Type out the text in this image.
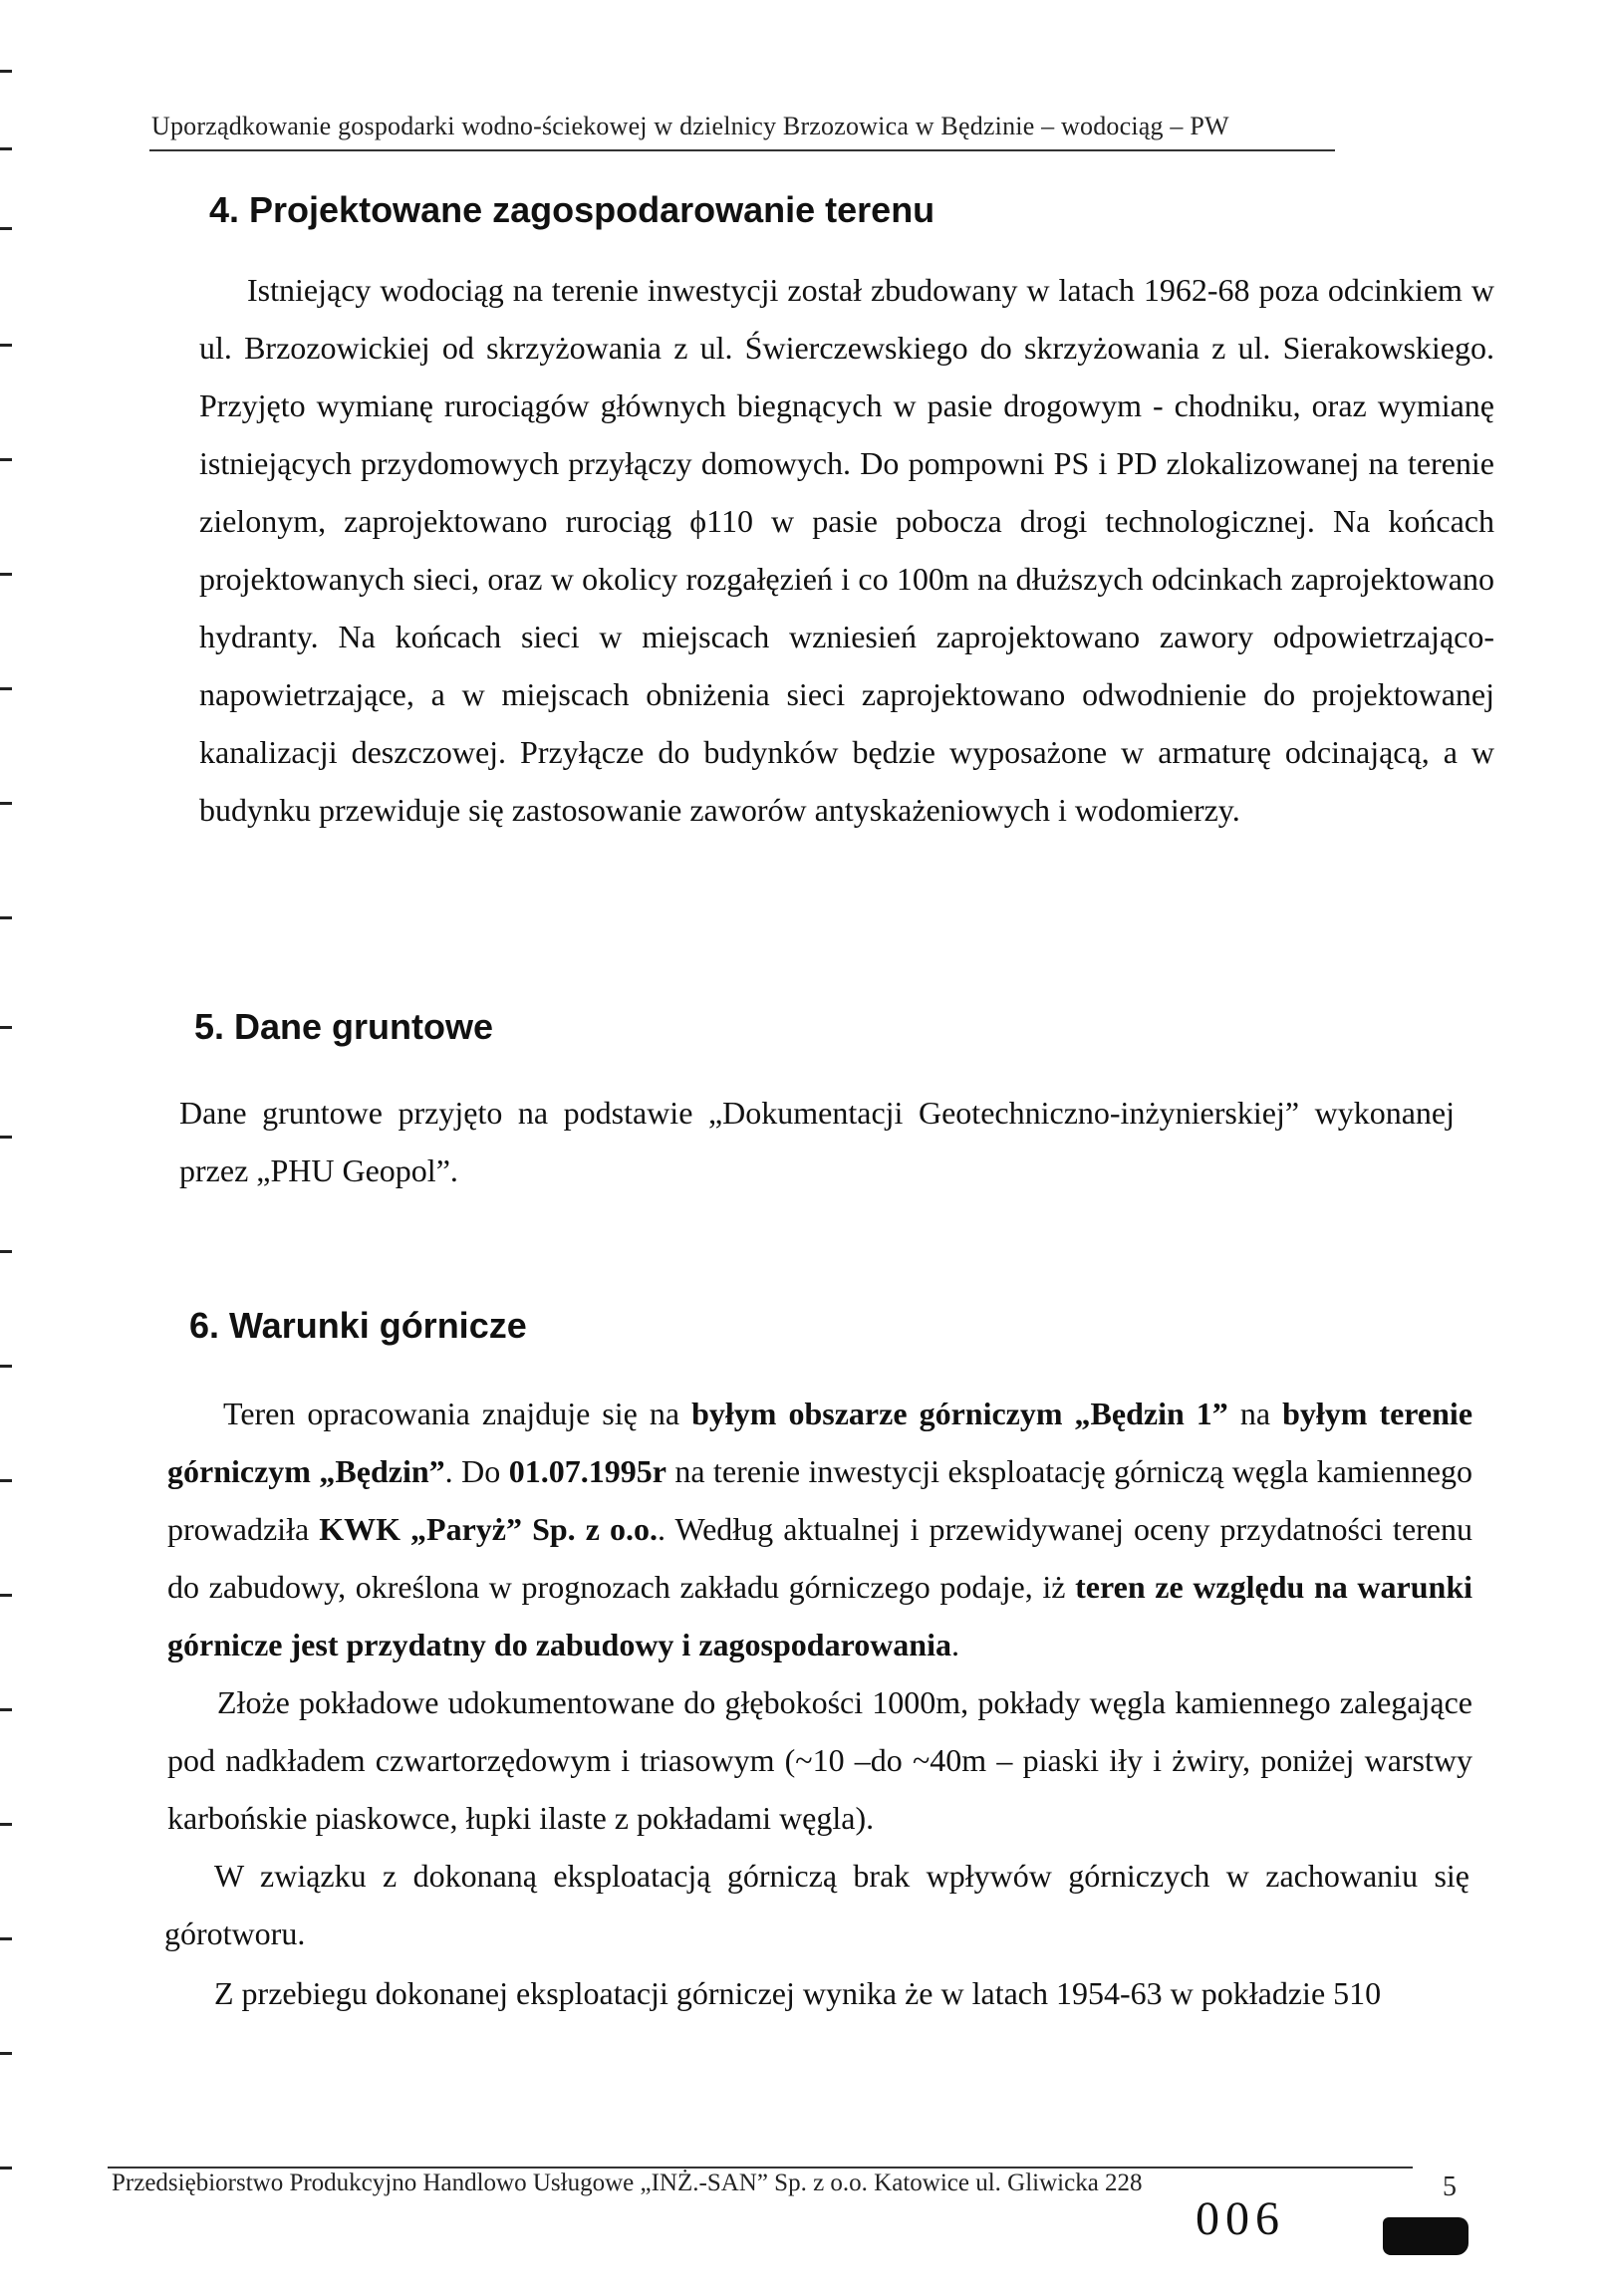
Uporządkowanie gospodarki wodno-ściekowej w dzielnicy Brzozowica w Będzinie – wodociąg – PW
4. Projektowane zagospodarowanie terenu
Istniejący wodociąg na terenie inwestycji został zbudowany w latach 1962-68 poza odcinkiem w ul. Brzozowickiej od skrzyżowania z ul. Świerczewskiego do skrzyżowania z ul. Sierakowskiego. Przyjęto wymianę rurociągów głównych biegnących w pasie drogowym - chodniku, oraz wymianę istniejących przydomowych przyłączy domowych. Do pompowni PS i PD zlokalizowanej na terenie zielonym, zaprojektowano rurociąg ϕ110 w pasie pobocza drogi technologicznej. Na końcach projektowanych sieci, oraz w okolicy rozgałęzień i co 100m na dłuższych odcinkach zaprojektowano hydranty. Na końcach sieci w miejscach wzniesień zaprojektowano zawory odpowietrzająco- napowietrzające, a w miejscach obniżenia sieci zaprojektowano odwodnienie do projektowanej kanalizacji deszczowej. Przyłącze do budynków będzie wyposażone w armaturę odcinającą, a w budynku przewiduje się zastosowanie zaworów antyskażeniowych i wodomierzy.
5. Dane gruntowe
Dane gruntowe przyjęto na podstawie „Dokumentacji Geotechniczno-inżynierskiej” wykonanej przez „PHU Geopol”.
6. Warunki górnicze
Teren opracowania znajduje się na byłym obszarze górniczym „Będzin 1” na byłym terenie górniczym „Będzin”. Do 01.07.1995r na terenie inwestycji eksploatację górniczą węgla kamiennego prowadziła KWK „Paryż” Sp. z o.o.. Według aktualnej i przewidywanej oceny przydatności terenu do zabudowy, określona w prognozach zakładu górniczego podaje, iż teren ze względu na warunki górnicze jest przydatny do zabudowy i zagospodarowania.
Złoże pokładowe udokumentowane do głębokości 1000m, pokłady węgla kamiennego zalegające pod nadkładem czwartorzędowym i triasowym (~10 –do ~40m – piaski iły i żwiry, poniżej warstwy karbońskie piaskowce, łupki ilaste z pokładami węgla).
W związku z dokonaną eksploatacją górniczą brak wpływów górniczych w zachowaniu się górotworu.
Z przebiegu dokonanej eksploatacji górniczej wynika że w latach 1954-63 w pokładzie 510
Przedsiębiorstwo Produkcyjno Handlowo Usługowe „INŻ.-SAN” Sp. z o.o. Katowice ul. Gliwicka 228	5
006
